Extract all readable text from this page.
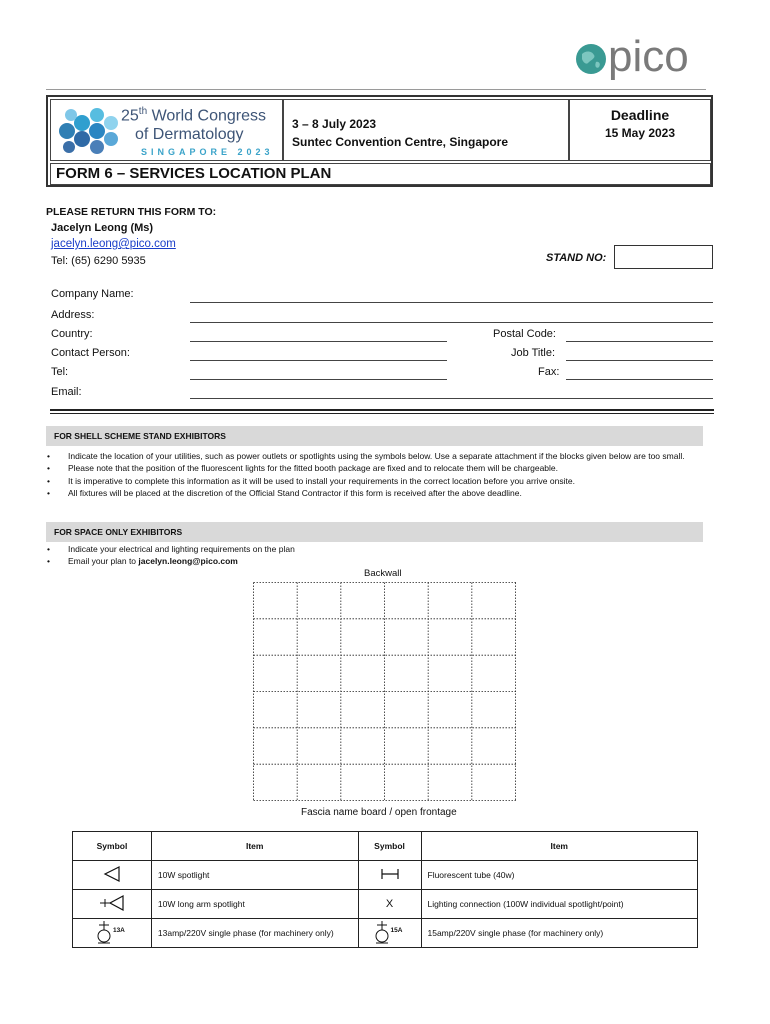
pico
25th World Congress
of Dermatology
SINGAPORE 2023
3 – 8 July 2023
Suntec Convention Centre, Singapore
Deadline
15 May 2023
FORM 6 – SERVICES LOCATION PLAN
PLEASE RETURN THIS FORM TO:
Jacelyn Leong (Ms)
jacelyn.leong@pico.com
Tel: (65) 6290 5935	STAND NO:
Company Name:
Address:
Country:	Postal Code:
Contact Person:	Job Title:
Tel:	Fax:
Email:
FOR SHELL SCHEME STAND EXHIBITORS
• Indicate the location of your utilities, such as power outlets or spotlights using the symbols below. Use a separate attachment if the blocks given below are too small.
• Please note that the position of the fluorescent lights for the fitted booth package are fixed and to relocate them will be chargeable.
• It is imperative to complete this information as it will be used to install your requirements in the correct location before you arrive onsite.
• All fixtures will be placed at the discretion of the Official Stand Contractor if this form is received after the above deadline.
FOR SPACE ONLY EXHIBITORS
• Indicate your electrical and lighting requirements on the plan
• Email your plan to jacelyn.leong@pico.com
Backwall
Fascia name board / open frontage
Symbol	Item	Symbol	Item
	10W spotlight		Fluorescent tube (40w)
	10W long arm spotlight	X	Lighting connection (100W individual spotlight/point)

13A	13amp/220V single phase (for machinery only)	15A	15amp/220V single phase (for machinery only)
